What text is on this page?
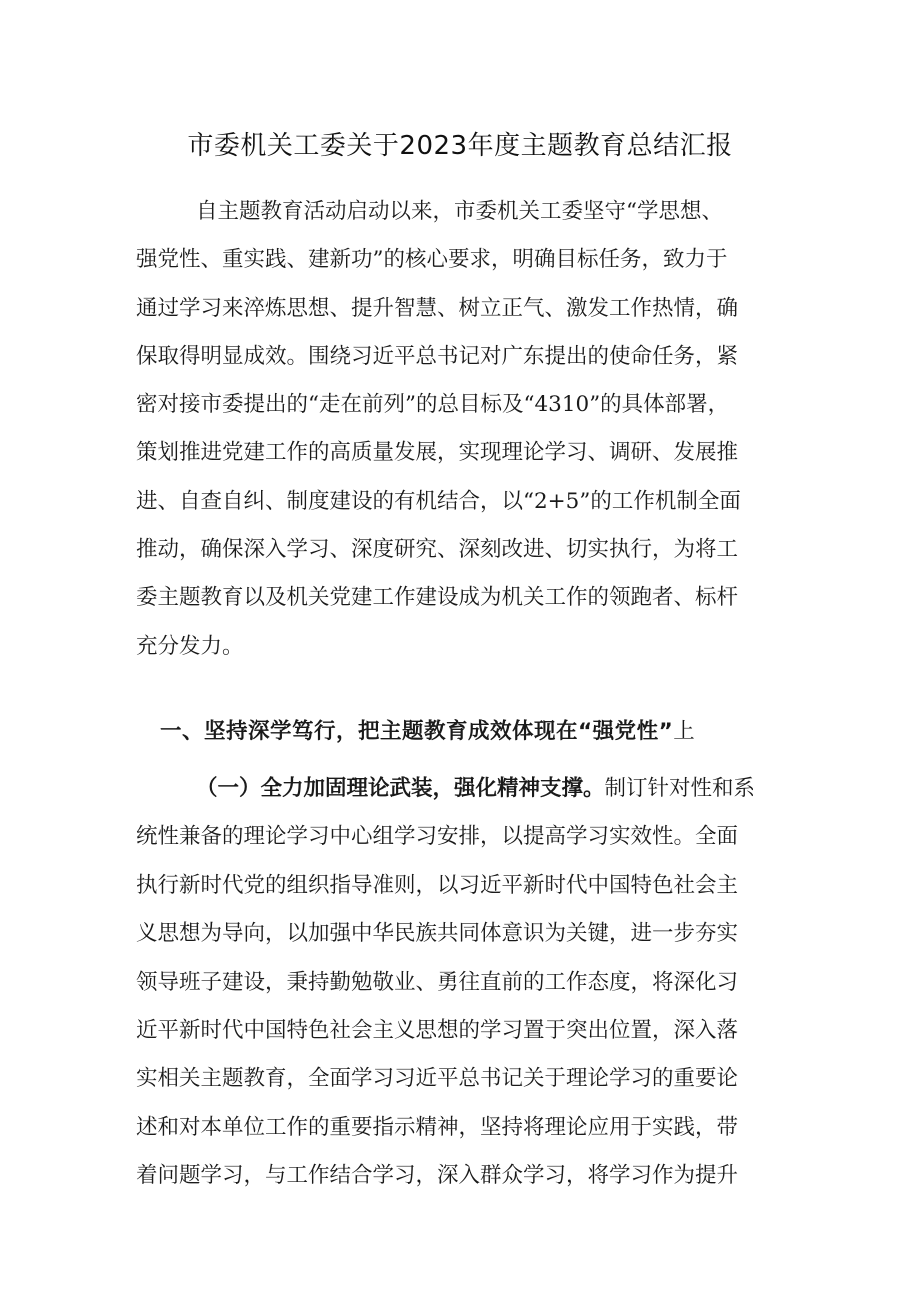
市委机关工委关于2023年度主题教育总结汇报
自主题教育活动启动以来，市委机关工委坚守“学思想、
强党性、重实践、建新功”的核心要求，明确目标任务，致力于
通过学习来淬炼思想、提升智慧、树立正气、激发工作热情，确
保取得明显成效。围绕习近平总书记对广东提出的使命任务，紧
密对接市委提出的“走在前列”的总目标及“4310”的具体部署，
策划推进党建工作的高质量发展，实现理论学习、调研、发展推
进、自查自纠、制度建设的有机结合，以“2+5”的工作机制全面
推动，确保深入学习、深度研究、深刻改进、切实执行，为将工
委主题教育以及机关党建工作建设成为机关工作的领跑者、标杆
充分发力。
一、坚持深学笃行，把主题教育成效体现在“强党性”上
（一）全力加固理论武装，强化精神支撑。制订针对性和系
统性兼备的理论学习中心组学习安排，以提高学习实效性。全面
执行新时代党的组织指导准则，以习近平新时代中国特色社会主
义思想为导向，以加强中华民族共同体意识为关键，进一步夯实
领导班子建设，秉持勤勉敬业、勇往直前的工作态度，将深化习
近平新时代中国特色社会主义思想的学习置于突出位置，深入落
实相关主题教育，全面学习习近平总书记关于理论学习的重要论
述和对本单位工作的重要指示精神，坚持将理论应用于实践，带
着问题学习，与工作结合学习，深入群众学习，将学习作为提升
